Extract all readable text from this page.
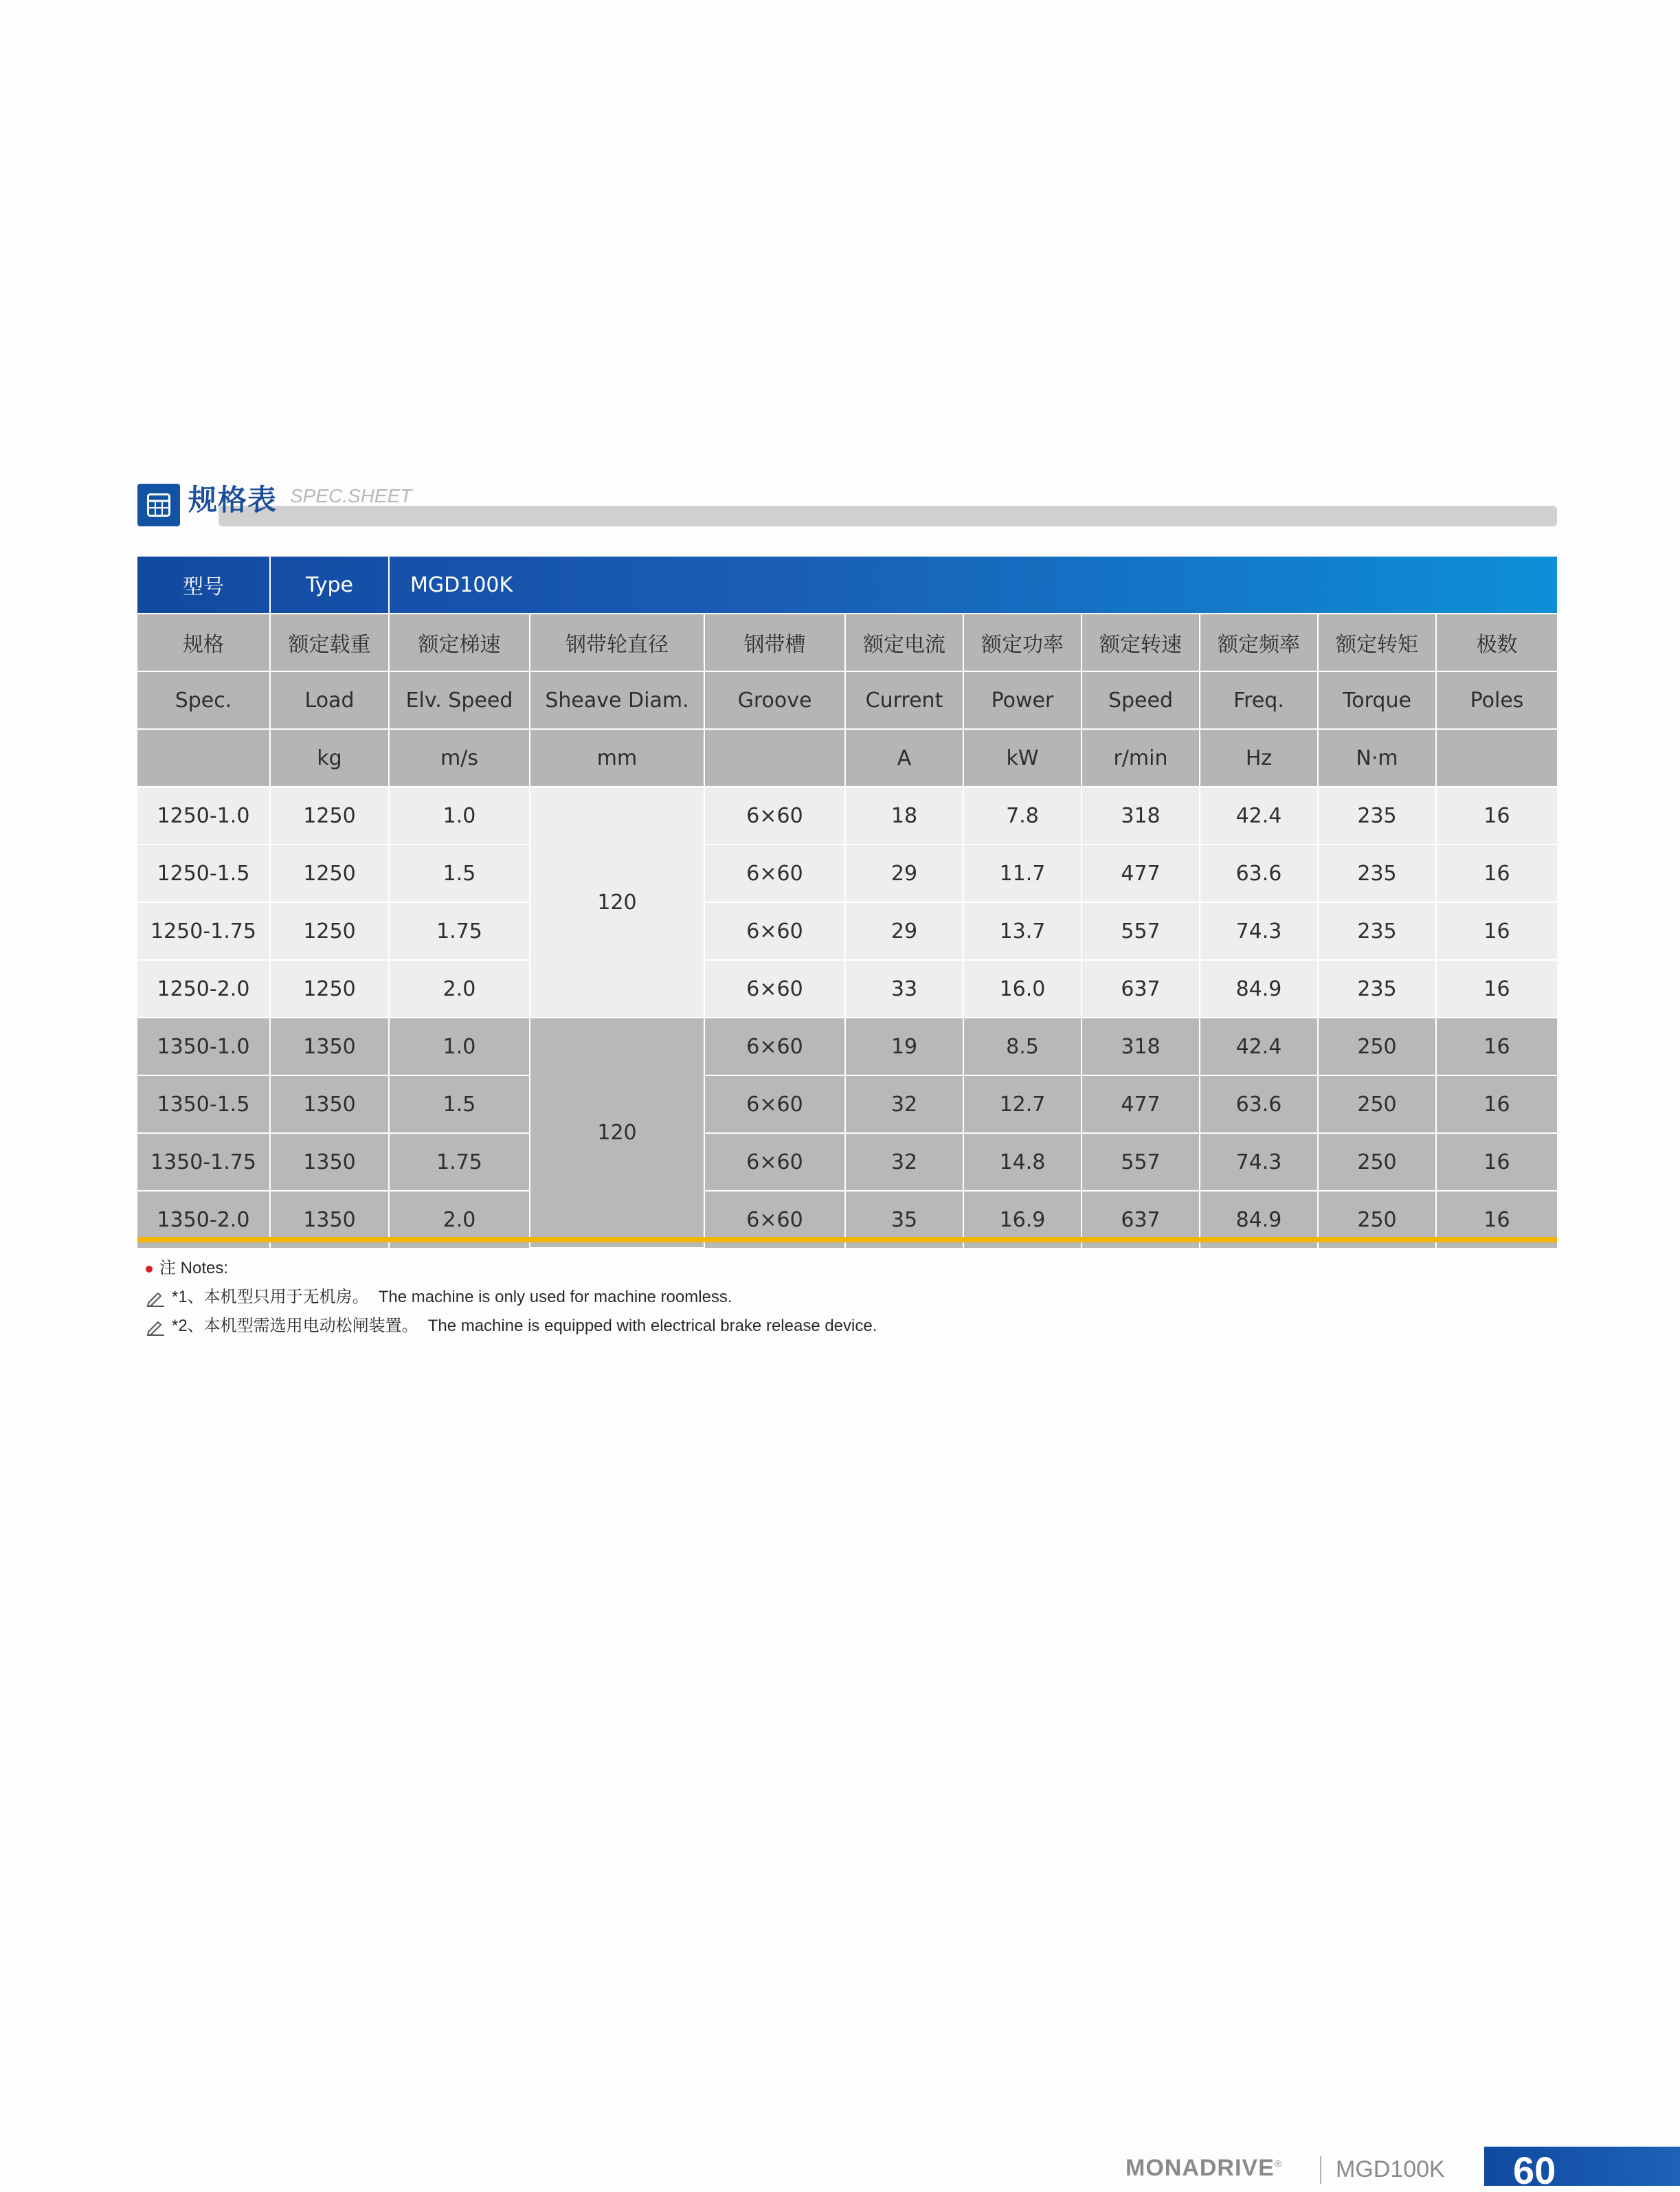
规格表 SPEC.SHEET
型号	Type	MGD100K								
规格	额定载重	额定梯速	钢带轮直径	钢带槽	额定电流	额定功率	额定转速	额定频率	额定转矩	极数
Spec.	Load	Elv. Speed	Sheave Diam.	Groove	Current	Power	Speed	Freq.	Torque	Poles
	kg	m/s	mm		A	kW	r/min	Hz	N·m	
1250-1.0	1250	1.0	120	6×60	18	7.8	318	42.4	235	16
1250-1.5	1250	1.5		6×60	29	11.7	477	63.6	235	16
1250-1.75	1250	1.75		6×60	29	13.7	557	74.3	235	16
1250-2.0	1250	2.0		6×60	33	16.0	637	84.9	235	16
1350-1.0	1350	1.0	120	6×60	19	8.5	318	42.4	250	16
1350-1.5	1350	1.5		6×60	32	12.7	477	63.6	250	16
1350-1.75	1350	1.75		6×60	32	14.8	557	74.3	250	16
1350-2.0	1350	2.0		6×60	35	16.9	637	84.9	250	16
注 Notes:
*1、本机型只用于无机房。 The machine is only used for machine roomless.
*2、本机型需选用电动松闸装置。 The machine is equipped with electrical brake release device.
MONADRIVE® MGD100K 60
